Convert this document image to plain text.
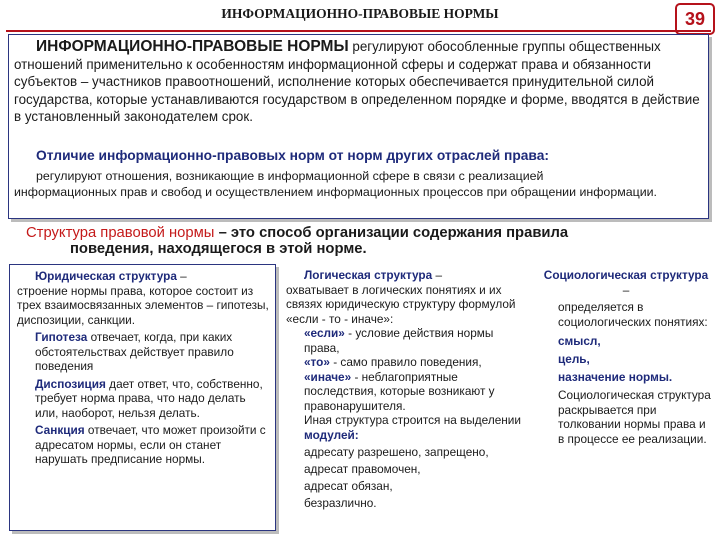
ИНФОРМАЦИОННО-ПРАВОВЫЕ НОРМЫ	39
ИНФОРМАЦИОННО-ПРАВОВЫЕ НОРМЫ регулируют обособленные группы общественных отношений применительно к особенностям информационной сферы и содержат права и обязанности субъектов – участников правоотношений, исполнение которых обеспечивается принудительной силой государства, которые устанавливаются государством в определенном порядке и форме, вводятся в действие в установленный законодателем срок.
Отличие информационно-правовых норм от норм других отраслей права:
регулируют отношения, возникающие в информационной сфере в связи с реализацией
информационных прав и свобод и осуществлением информационных процессов при обращении информации.
Структура правовой нормы – это способ организации содержания правила
поведения, находящегося в этой норме.

Юридическая структура –

строение нормы права, которое состоит из трех взаимосвязанных элементов – гипотезы, диспозиции, санкции.

Гипотеза отвечает, когда, при каких обстоятельствах действует правило поведения

Диспозиция дает ответ, что, собственно, требует норма права, что надо делать или, наоборот, нельзя делать.

Санкция отвечает, что может произойти с адресатом нормы, если он станет нарушать предписание нормы.

Логическая структура –

охватывает в логических понятиях и их связях юридическую структуру формулой «если - то - иначе»:

«если» - условие действия нормы права,

«то» - само правило поведения,

«иначе» - неблагоприятные последствия, которые возникают у правонарушителя.

Иная структура строится на выделении модулей:

адресату разрешено, запрещено,

адресат правомочен,

адресат обязан,

безразлично.

Социологическая структура –

определяется в социологических понятиях:

смысл,

цель,

назначение нормы.

Социологическая структура раскрывается при толковании нормы права и в процессе ее реализации.
